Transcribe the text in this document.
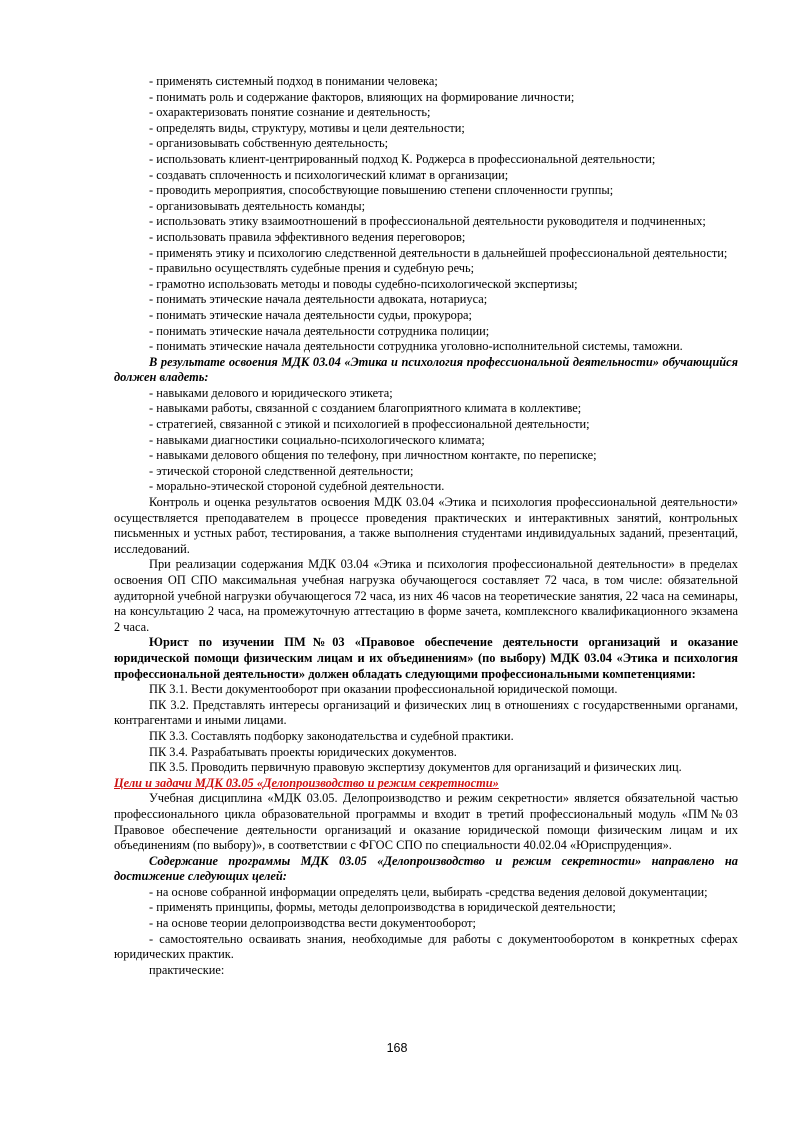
- применять системный подход в понимании человека;

- понимать роль и содержание факторов, влияющих на формирование личности;

- охарактеризовать понятие сознание и деятельность;

- определять виды, структуру, мотивы и цели деятельности;

- организовывать собственную деятельность;

- использовать клиент-центрированный подход К. Роджерса в профессиональной деятельности;

- создавать сплоченность и психологический климат в организации;

- проводить мероприятия, способствующие повышению степени сплоченности группы;

- организовывать деятельность команды;

- использовать этику взаимоотношений в профессиональной деятельности руководителя и подчиненных;

- использовать правила эффективного ведения переговоров;

- применять этику и психологию следственной деятельности в дальнейшей профессиональной деятельности;

- правильно осуществлять судебные прения и судебную речь;

- грамотно использовать методы и поводы судебно-психологической экспертизы;

- понимать этические начала деятельности адвоката, нотариуса;

- понимать этические начала деятельности судьи, прокурора;

- понимать этические начала деятельности сотрудника полиции;

- понимать этические начала деятельности сотрудника уголовно-исполнительной системы, таможни.

В результате освоения МДК 03.04 «Этика и психология профессиональной деятельности» обучающийся должен владеть:

- навыками делового и юридического этикета;

- навыками работы, связанной с созданием благоприятного климата в коллективе;

- стратегией, связанной с этикой и психологией в профессиональной деятельности;

- навыками диагностики социально-психологического климата;

- навыками делового общения по телефону, при личностном контакте, по переписке;

- этической стороной следственной деятельности;

- морально-этической стороной судебной деятельности.

Контроль и оценка результатов освоения МДК 03.04 «Этика и психология профессиональной деятельности» осуществляется преподавателем в процессе проведения практических и интерактивных занятий, контрольных письменных и устных работ, тестирования, а также выполнения студентами индивидуальных заданий, презентаций, исследований.

При реализации содержания МДК 03.04 «Этика и психология профессиональной деятельности» в пределах освоения ОП СПО максимальная учебная нагрузка обучающегося составляет 72 часа, в том числе: обязательной аудиторной учебной нагрузки обучающегося 72 часа, из них 46 часов на теоретические занятия, 22 часа на семинары, на консультацию 2 часа, на промежуточную аттестацию в форме зачета, комплексного квалификационного экзамена 2 часа.

Юрист по изучении ПМ№03 «Правовое обеспечение деятельности организаций и оказание юридической помощи физическим лицам и их объединениям» (по выбору) МДК 03.04 «Этика и психология профессиональной деятельности» должен обладать следующими профессиональными компетенциями:

ПК 3.1. Вести документооборот при оказании профессиональной юридической помощи.

ПК 3.2. Представлять интересы организаций и физических лиц в отношениях с государственными органами, контрагентами и иными лицами.

ПК 3.3. Составлять подборку законодательства и судебной практики.

ПК 3.4. Разрабатывать проекты юридических документов.

ПК 3.5. Проводить первичную правовую экспертизу документов для организаций и физических лиц.

Цели и задачи МДК 03.05 «Делопроизводство и режим секретности»

Учебная дисциплина «МДК 03.05. Делопроизводство и режим секретности» является обязательной частью профессионального цикла образовательной программы и входит в третий профессиональный модуль «ПМ№03 Правовое обеспечение деятельности организаций и оказание юридической помощи физическим лицам и их объединениям (по выбору)», в соответствии с ФГОС СПО по специальности 40.02.04 «Юриспруденция».

Содержание программы МДК 03.05 «Делопроизводство и режим секретности» направлено на достижение следующих целей:

- на основе собранной информации определять цели, выбирать -средства ведения деловой документации;

- применять принципы, формы, методы делопроизводства в юридической деятельности;

- на основе теории делопроизводства вести документооборот;

- самостоятельно осваивать знания, необходимые для работы с документооборотом в конкретных сферах юридических практик.

практические:

168
